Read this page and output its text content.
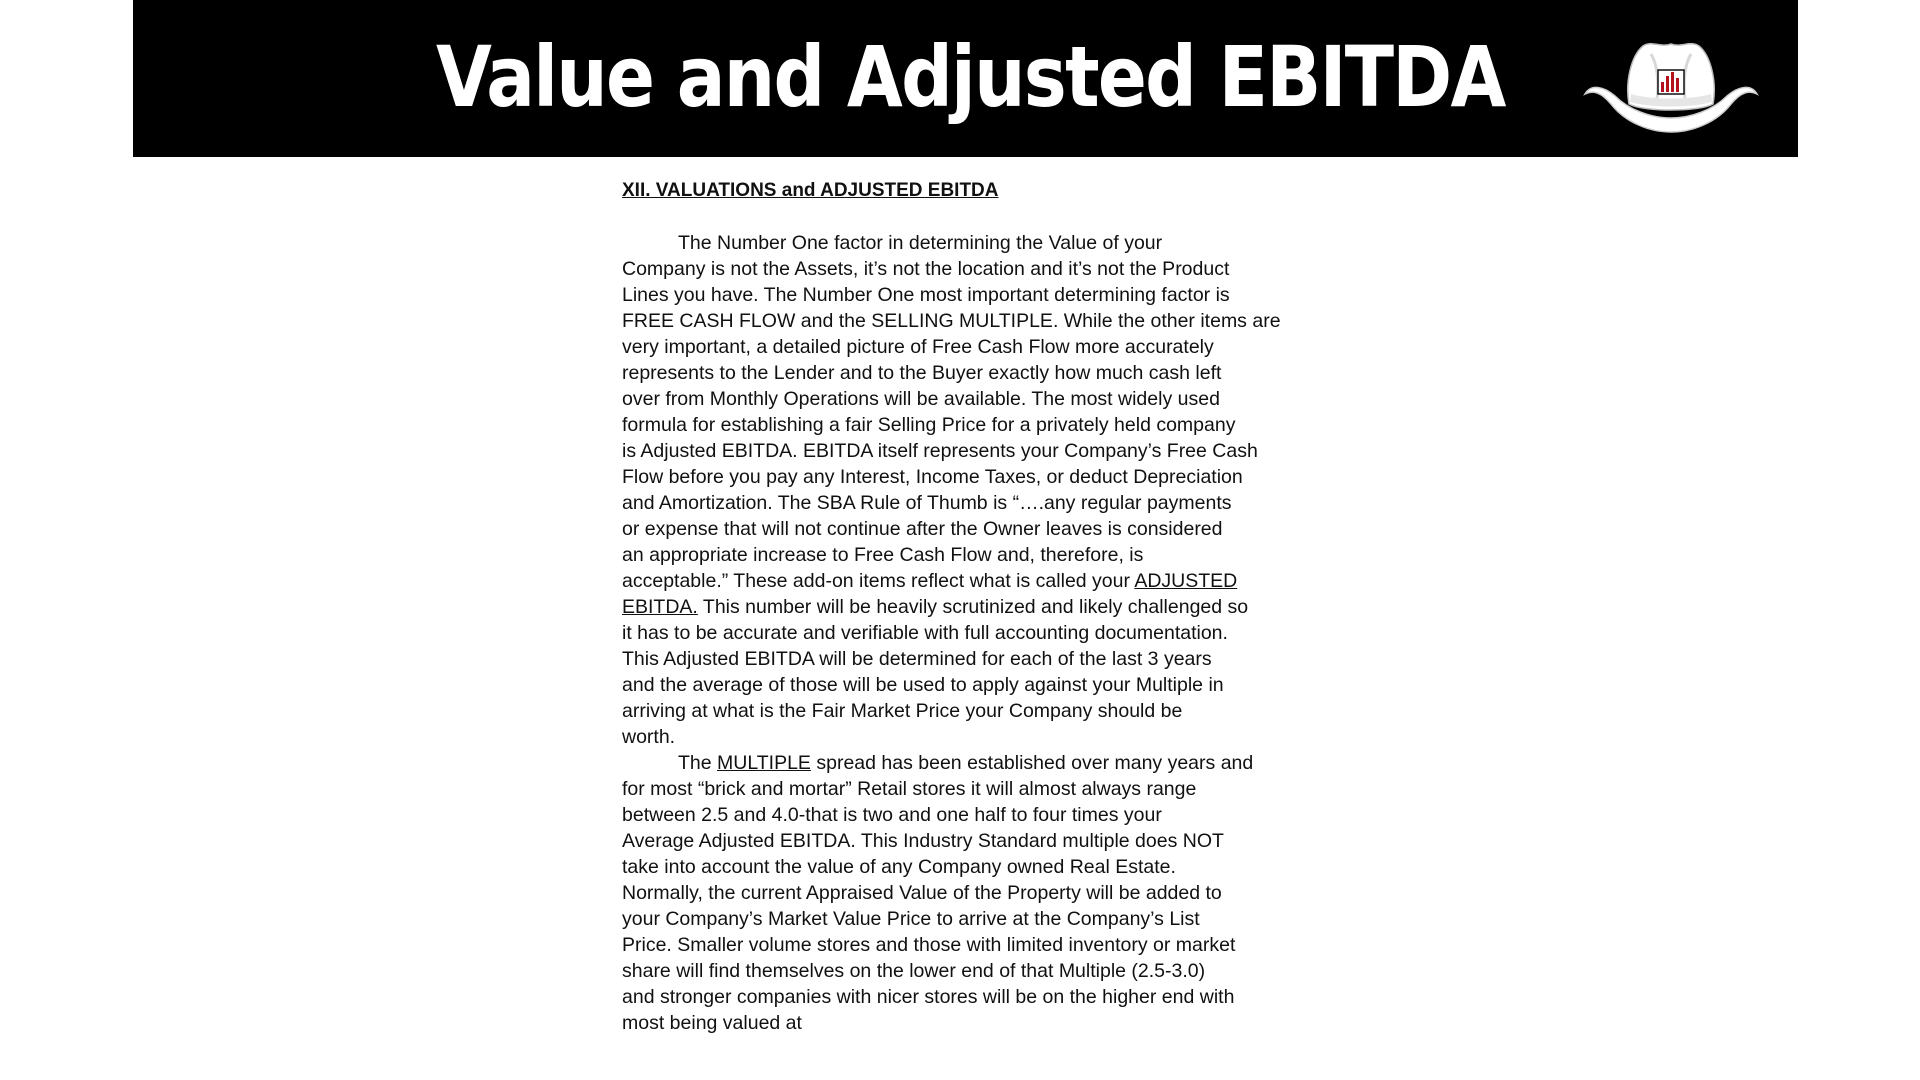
Value and Adjusted EBITDA
XII. VALUATIONS and ADJUSTED EBITDA
The Number One factor in determining the Value of your
Company is not the Assets, it’s not the location and it’s not the Product
Lines you have. The Number One most important determining factor is
FREE CASH FLOW and the SELLING MULTIPLE. While the other items are
very important, a detailed picture of Free Cash Flow more accurately
represents to the Lender and to the Buyer exactly how much cash left
over from Monthly Operations will be available. The most widely used
formula for establishing a fair Selling Price for a privately held company
is Adjusted EBITDA. EBITDA itself represents your Company’s Free Cash
Flow before you pay any Interest, Income Taxes, or deduct Depreciation
and Amortization. The SBA Rule of Thumb is “….any regular payments
or expense that will not continue after the Owner leaves is considered
an appropriate increase to Free Cash Flow and, therefore, is
acceptable.” These add-on items reflect what is called your ADJUSTED
EBITDA. This number will be heavily scrutinized and likely challenged so
it has to be accurate and verifiable with full accounting documentation.
This Adjusted EBITDA will be determined for each of the last 3 years
and the average of those will be used to apply against your Multiple in
arriving at what is the Fair Market Price your Company should be
worth.
The MULTIPLE spread has been established over many years and
for most “brick and mortar” Retail stores it will almost always range
between 2.5 and 4.0-that is two and one half to four times your
Average Adjusted EBITDA. This Industry Standard multiple does NOT
take into account the value of any Company owned Real Estate.
Normally, the current Appraised Value of the Property will be added to
your Company’s Market Value Price to arrive at the Company’s List
Price. Smaller volume stores and those with limited inventory or market
share will find themselves on the lower end of that Multiple (2.5-3.0)
and stronger companies with nicer stores will be on the higher end with
most being valued at
